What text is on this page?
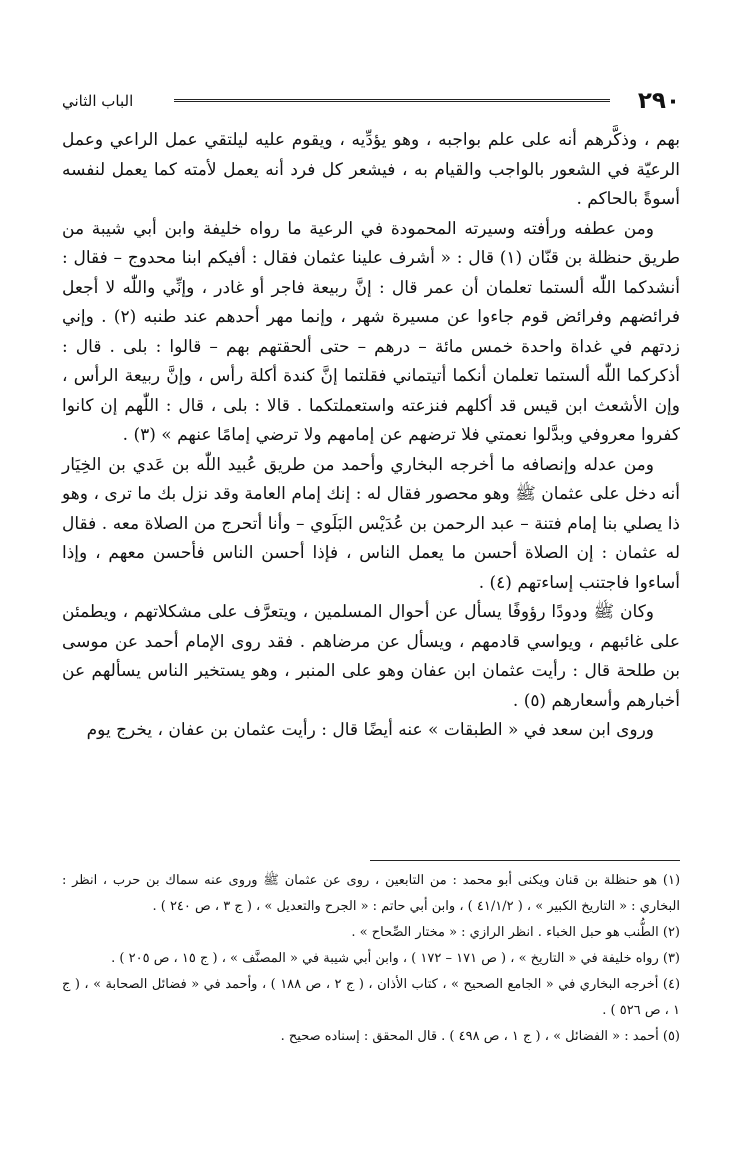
٢٩٠
الباب الثاني

بهم ، وذكَّرهم أنه على علم بواجبه ، وهو يؤدِّيه ، ويقوم عليه ليلتقي عمل الراعي وعمل الرعيّة في الشعور بالواجب والقيام به ، فيشعر كل فرد أنه يعمل لأمته كما يعمل لنفسه أسوةً بالحاكم .

ومن عطفه ورأفته وسيرته المحمودة في الرعية ما رواه خليفة وابن أبي شيبة من طريق حنظلة بن قنّان (١) قال : « أشرف علينا عثمان فقال : أفيكم ابنا محدوج – فقال : أنشدكما اللّٰه ألستما تعلمان أن عمر قال : إنَّ ربيعة فاجر أو غادر ، وإنِّي واللّٰه لا أجعل فرائضهم وفرائض قوم جاءوا عن مسيرة شهر ، وإنما مهر أحدهم عند طنبه (٢) . وإني زدتهم في غداة واحدة خمس مائة – درهم – حتى ألحقتهم بهم – قالوا : بلى . قال : أذكركما اللّٰه ألستما تعلمان أنكما أتيتماني فقلتما إنَّ كندة أكلة رأس ، وإنَّ ربيعة الرأس ، وإن الأشعث ابن قيس قد أكلهم فنزعته واستعملتكما . قالا : بلى ، قال : اللّٰهم إن كانوا كفروا معروفي وبدَّلوا نعمتي فلا ترضهم عن إمامهم ولا ترضي إمامًا عنهم » (٣) .

ومن عدله وإنصافه ما أخرجه البخاري وأحمد من طريق عُبيد اللّٰه بن عَدي بن الخِيَار أنه دخل على عثمان ﷺ وهو محصور فقال له : إنك إمام العامة وقد نزل بك ما ترى ، وهو ذا يصلي بنا إمام فتنة – عبد الرحمن بن عُدَيْس البَلَوي – وأنا أتحرج من الصلاة معه . فقال له عثمان : إن الصلاة أحسن ما يعمل الناس ، فإذا أحسن الناس فأحسن معهم ، وإذا أساءوا فاجتنب إساءتهم (٤) .

وكان ﷺ ودودًا رؤوفًا يسأل عن أحوال المسلمين ، ويتعرَّف على مشكلاتهم ، ويطمئن على غائبهم ، ويواسي قادمهم ، ويسأل عن مرضاهم . فقد روى الإمام أحمد عن موسى بن طلحة قال : رأيت عثمان ابن عفان وهو على المنبر ، وهو يستخير الناس يسألهم عن أخبارهم وأسعارهم (٥) .

وروى ابن سعد في « الطبقات » عنه أيضًا قال : رأيت عثمان بن عفان ، يخرج يوم

(١) هو حنظلة بن قنان ويكنى أبو محمد : من التابعين ، روى عن عثمان ﷺ وروى عنه سماك بن حرب ، انظر : البخاري : « التاريخ الكبير » ، ( ٤١/١/٢ ) ، وابن أبي حاتم : « الجرح والتعديل » ، ( ج ٣ ، ص ٢٤٠ ) .

(٢) الطُّنب هو حبل الخباء . انظر الرازي : « مختار الصِّحاح » .

(٣) رواه خليفة في « التاريخ » ، ( ص ١٧١ – ١٧٢ ) ، وابن أبي شيبة في « المصنَّف » ، ( ج ١٥ ، ص ٢٠٥ ) .

(٤) أخرجه البخاري في « الجامع الصحيح » ، كتاب الأذان ، ( ج ٢ ، ص ١٨٨ ) ، وأحمد في « فضائل الصحابة » ، ( ج ١ ، ص ٥٢٦ ) .

(٥) أحمد : « الفضائل » ، ( ج ١ ، ص ٤٩٨ ) . قال المحقق : إسناده صحيح .
